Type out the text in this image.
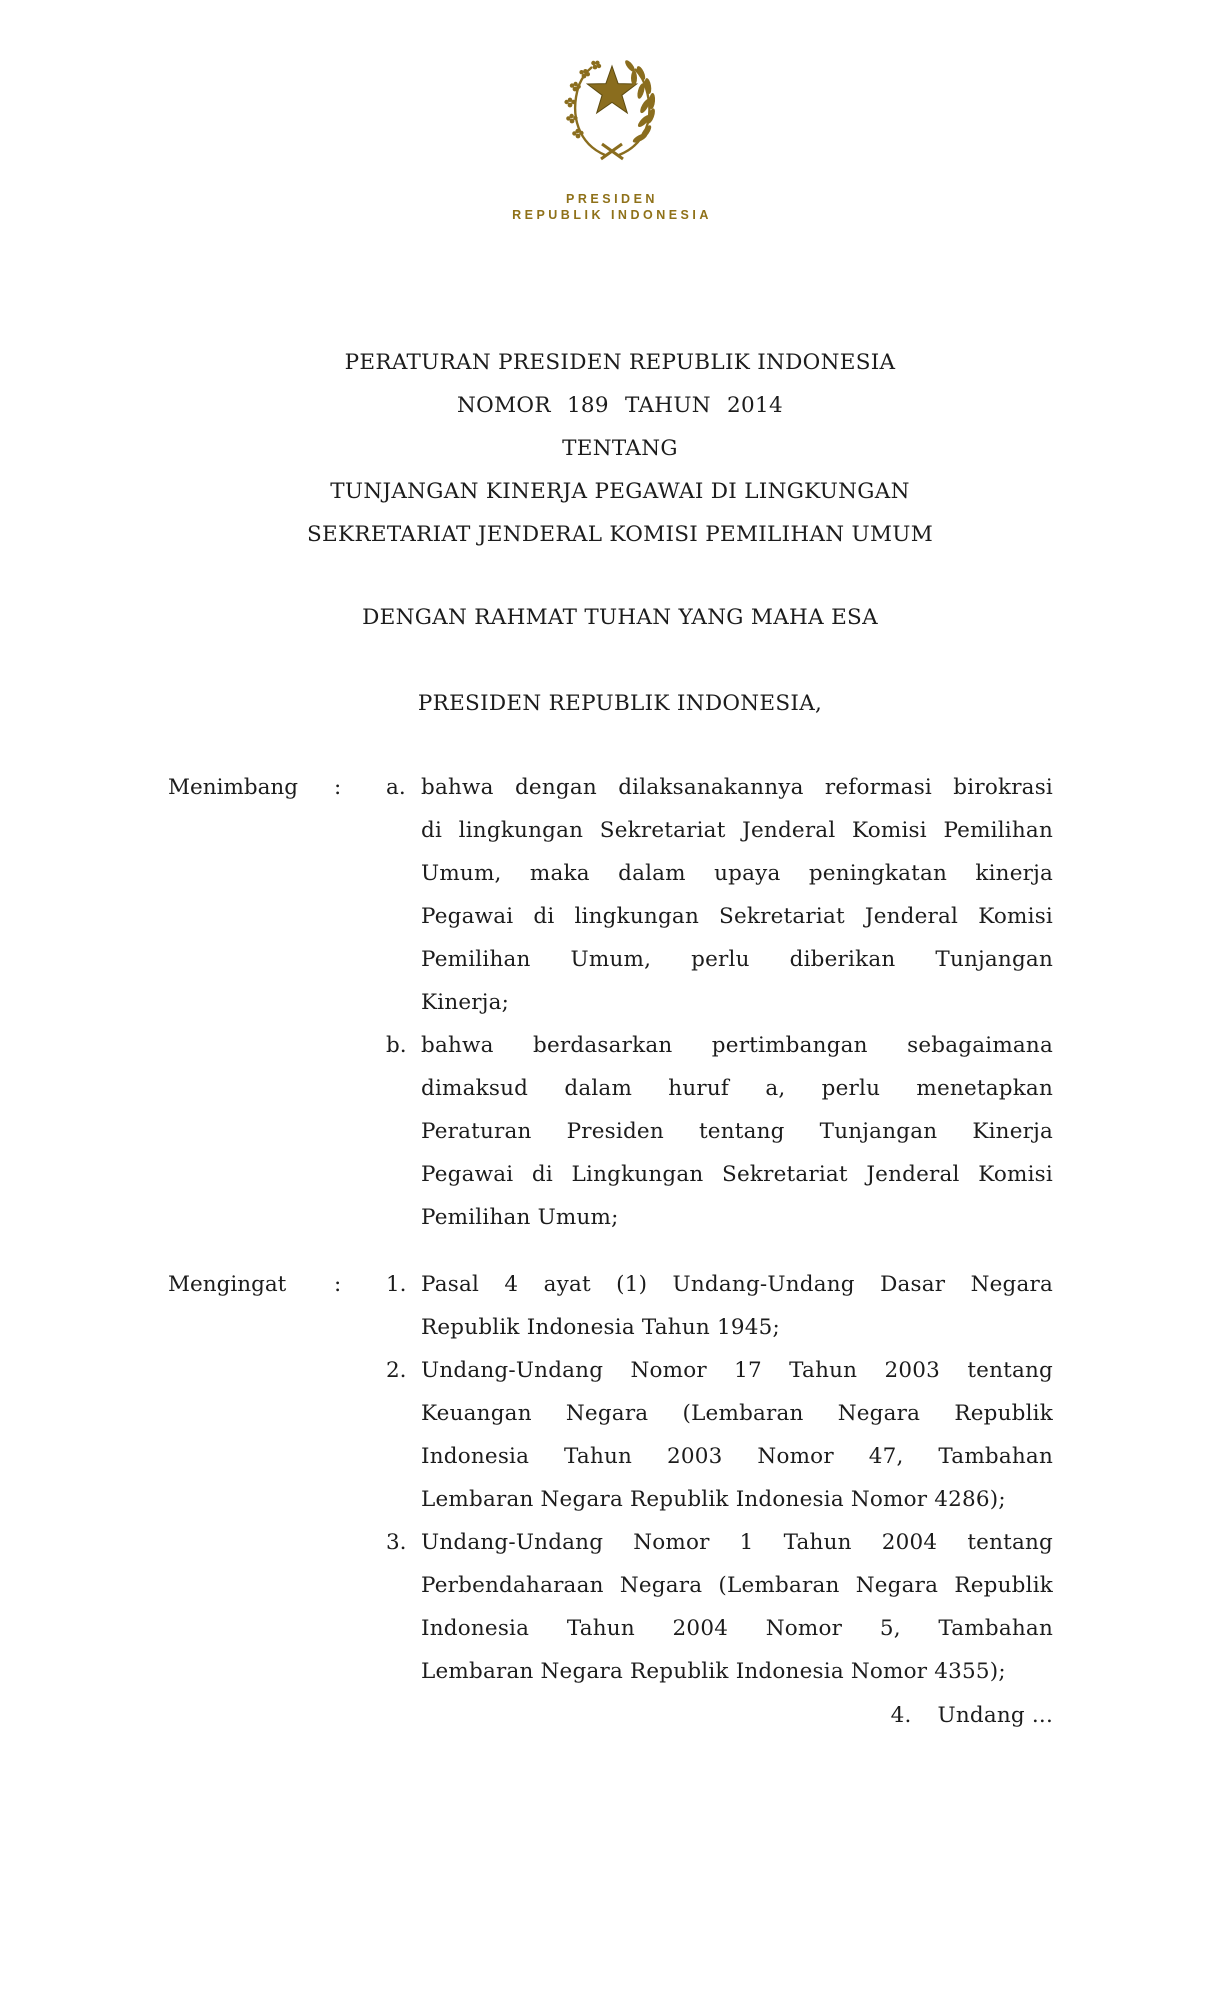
PRESIDEN
REPUBLIK INDONESIA
PERATURAN PRESIDEN REPUBLIK INDONESIA
NOMOR 189 TAHUN 2014
TENTANG
TUNJANGAN KINERJA PEGAWAI DI LINGKUNGAN
SEKRETARIAT JENDERAL KOMISI PEMILIHAN UMUM
DENGAN RAHMAT TUHAN YANG MAHA ESA
PRESIDEN REPUBLIK INDONESIA,
Menimbang : a. bahwa dengan dilaksanakannya reformasi birokrasi
di lingkungan Sekretariat Jenderal Komisi Pemilihan
Umum, maka dalam upaya peningkatan kinerja
Pegawai di lingkungan Sekretariat Jenderal Komisi
Pemilihan Umum, perlu diberikan Tunjangan
Kinerja;
b. bahwa berdasarkan pertimbangan sebagaimana
dimaksud dalam huruf a, perlu menetapkan
Peraturan Presiden tentang Tunjangan Kinerja
Pegawai di Lingkungan Sekretariat Jenderal Komisi
Pemilihan Umum;
Mengingat : 1. Pasal 4 ayat (1) Undang-Undang Dasar Negara
Republik Indonesia Tahun 1945;
2. Undang-Undang Nomor 17 Tahun 2003 tentang
Keuangan Negara (Lembaran Negara Republik
Indonesia Tahun 2003 Nomor 47, Tambahan
Lembaran Negara Republik Indonesia Nomor 4286);
3. Undang-Undang Nomor 1 Tahun 2004 tentang
Perbendaharaan Negara (Lembaran Negara Republik
Indonesia Tahun 2004 Nomor 5, Tambahan
Lembaran Negara Republik Indonesia Nomor 4355);
4. Undang ...
